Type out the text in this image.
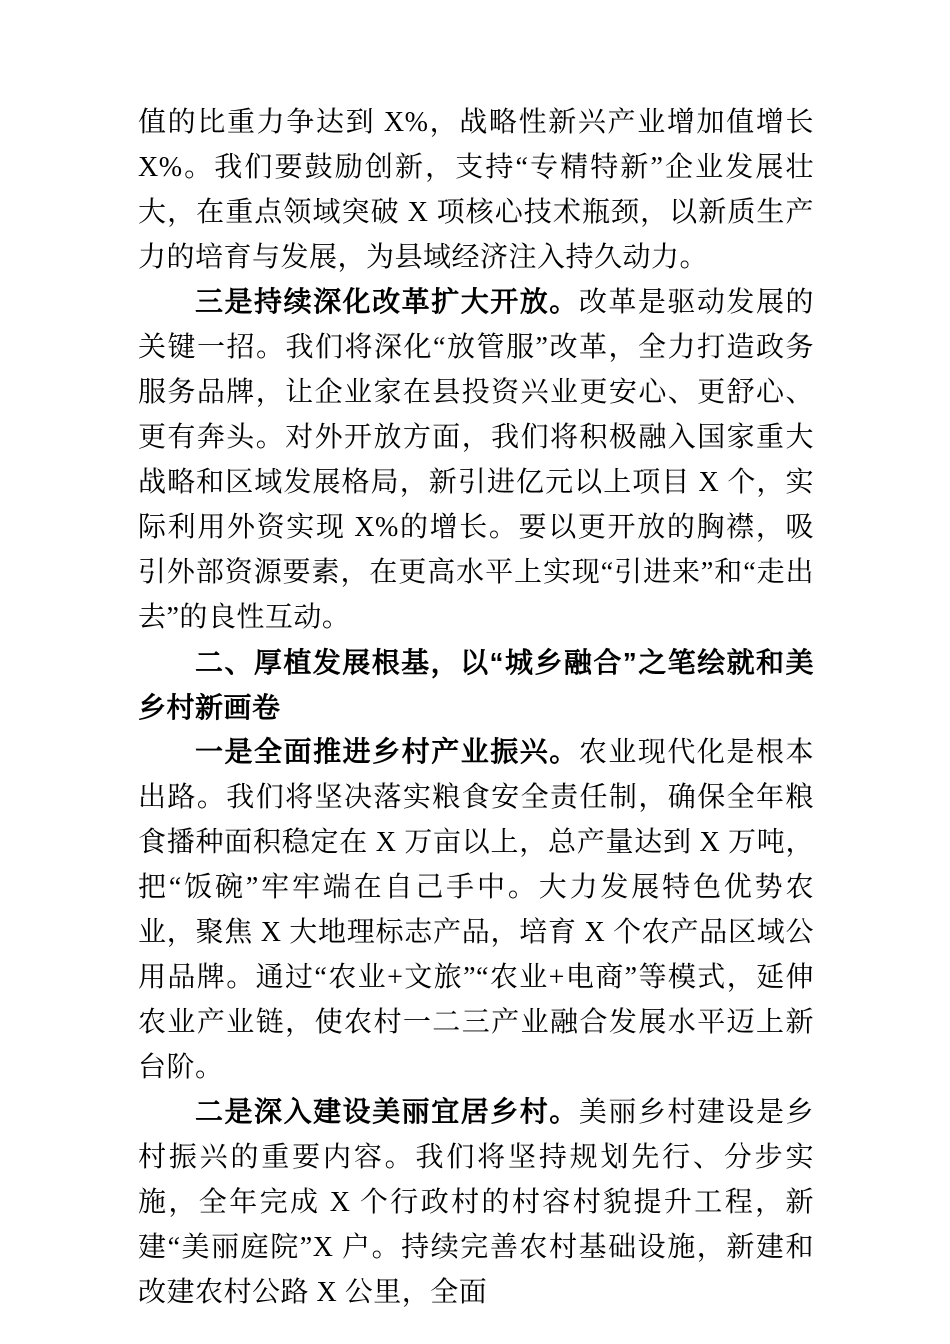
值的比重力争达到 X%，战略性新兴产业增加值增长 X%。我们要鼓励创新，支持“专精特新”企业发展壮大，在重点领域突破 X 项核心技术瓶颈，以新质生产力的培育与发展，为县域经济注入持久动力。

三是持续深化改革扩大开放。改革是驱动发展的关键一招。我们将深化“放管服”改革，全力打造政务服务品牌，让企业家在县投资兴业更安心、更舒心、更有奔头。对外开放方面，我们将积极融入国家重大战略和区域发展格局，新引进亿元以上项目 X 个，实际利用外资实现 X%的增长。要以更开放的胸襟，吸引外部资源要素，在更高水平上实现“引进来”和“走出去”的良性互动。

二、厚植发展根基，以“城乡融合”之笔绘就和美乡村新画卷

一是全面推进乡村产业振兴。农业现代化是根本出路。我们将坚决落实粮食安全责任制，确保全年粮食播种面积稳定在 X 万亩以上，总产量达到 X 万吨，把“饭碗”牢牢端在自己手中。大力发展特色优势农业，聚焦 X 大地理标志产品，培育 X 个农产品区域公用品牌。通过“农业+文旅”“农业+电商”等模式，延伸农业产业链，使农村一二三产业融合发展水平迈上新台阶。

二是深入建设美丽宜居乡村。美丽乡村建设是乡村振兴的重要内容。我们将坚持规划先行、分步实施，全年完成 X 个行政村的村容村貌提升工程，新建“美丽庭院”X 户。持续完善农村基础设施，新建和改建农村公路 X 公里，全面
